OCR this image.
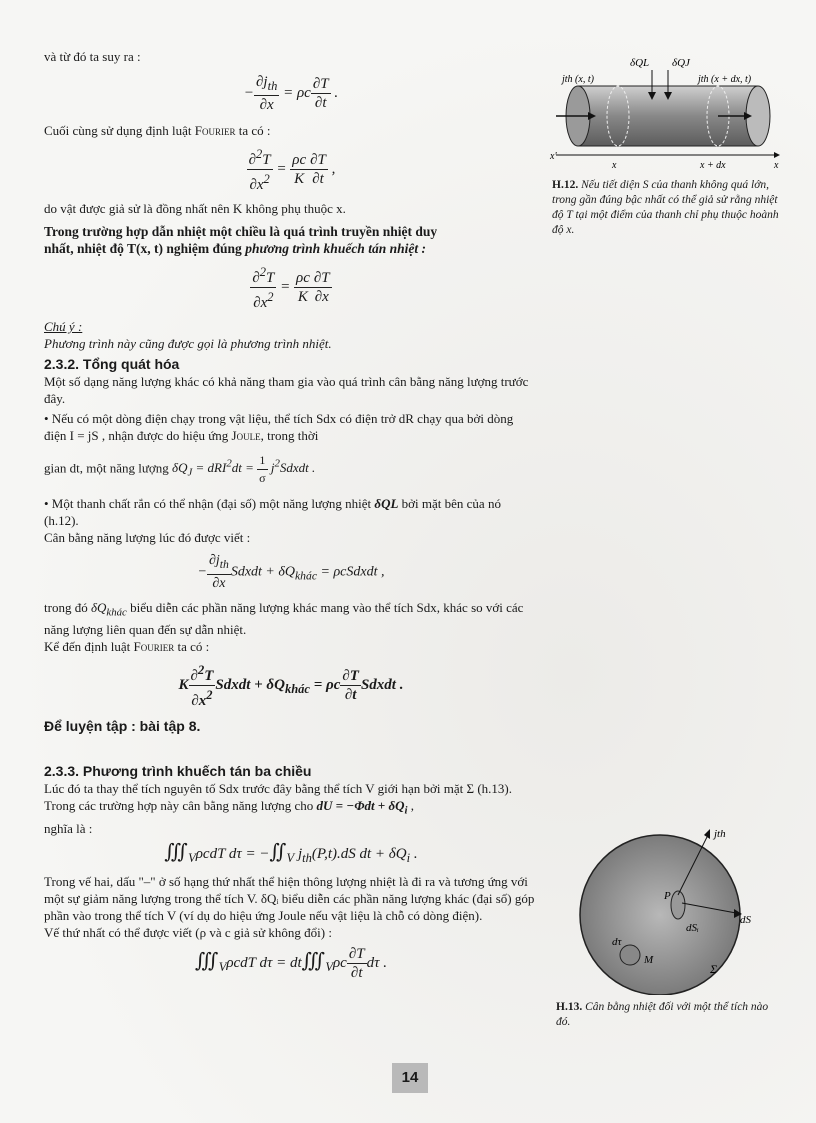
và từ đó ta suy ra :

− $\frac{\partial j_{th}}{\partial x} = \rho c \frac{\partial T}{\partial t}$ .

Cuối cùng sử dụng định luật Fourier ta có :

$\frac{\partial^2T}{\partial x^2} = \frac{\rho c}{K} \frac{\partial T}{\partial t}$ ,

do vật được giả sử là đồng nhất nên K không phụ thuộc x.

Trong trường hợp dẫn nhiệt một chiều là quá trình truyền nhiệt duy
nhất, nhiệt độ T(x, t) nghiệm đúng phương trình khuếch tán nhiệt :

$\frac{\partial^2T}{\partial x^2} = \frac{\rho c}{K} \frac{\partial T}{\partial x}$

Chú ý :

Phương trình này cũng được gọi là phương trình nhiệt.

2.3.2. Tổng quát hóa

Một số dạng năng lượng khác có khả năng tham gia vào quá trình cân bằng năng lượng trước đây.

• Nếu có một dòng điện chạy trong vật liệu, thể tích Sdx có điện trở dR chạy qua bởi dòng điện I = jS , nhận được do hiệu ứng Joule, trong thời

gian dt, một năng lượng $\delta Q_J = dRI^2dt = \frac{1}{\sigma}$ $j^2Sdxdt$ .

• Một thanh chất rắn có thể nhận (đại số) một năng lượng nhiệt δQL bởi mặt bên của nó (h.12).

Cân bằng năng lượng lúc đó được viết :

− $\frac{\partial j_{th}}{\partial x}$ Sdxdt + $\delta Q_{khác}$ = ρcSdxdt ,

trong đó $\delta Q_{khác}$ biểu diễn các phần năng lượng khác mang vào thể tích Sdx, khác so với các năng lượng liên quan đến sự dẫn nhiệt.

Kể đến định luật Fourier ta có :

K $\frac{\partial^2T}{\partial x^2}$ Sdxdt + $\delta Q_{khác} = \rho c \frac{\partial T}{\partial t}$ Sdxdt .

Để luyện tập : bài tập 8.

2.3.3. Phương trình khuếch tán ba chiều

Lúc đó ta thay thể tích nguyên tố Sdx trước đây bằng thể tích V giới hạn bởi mặt Σ (h.13).

Trong các trường hợp này cân bằng năng lượng cho dU = $-\Phi dt + \delta Q_i$ ,
nghĩa là :

$∭_V\rho cdT$ $d\tau = -∬_V$ $j_{th}(P,t).dS$ dt + $\delta Q_i$ .

Trong vế hai, dấu "–" ở số hạng thứ nhất thể hiện thông lượng nhiệt là đi ra và tương ứng với một sự giảm năng lượng trong thể tích V. δQᵢ biểu diễn các phần năng lượng khác (đại số) góp phần vào trong thể tích V (ví dụ do hiệu ứng Joule nếu vật liệu là chỗ có dòng điện).

Vế thứ nhất có thể được viết (ρ và c giả sử không đổi) :

$∭_V\rho cdT$ $d\tau = dt∭_V\rho c \frac{\partial T}{\partial t}$ dτ .
δQL δQJ
jth (x, t)	jth (x + dx, t)
x'
x
x	x + dx
H.12. Nếu tiết diện S của thanh không quá lớn, trong gần đúng bậc nhất có thể giả sử rằng nhiệt độ T tại một điểm của thanh chỉ phụ thuộc hoành độ x.
jth
P
dS
dSᵢ
dτ
M
Σ
H.13. Cân bằng nhiệt đối với một thể tích nào đó.
14
